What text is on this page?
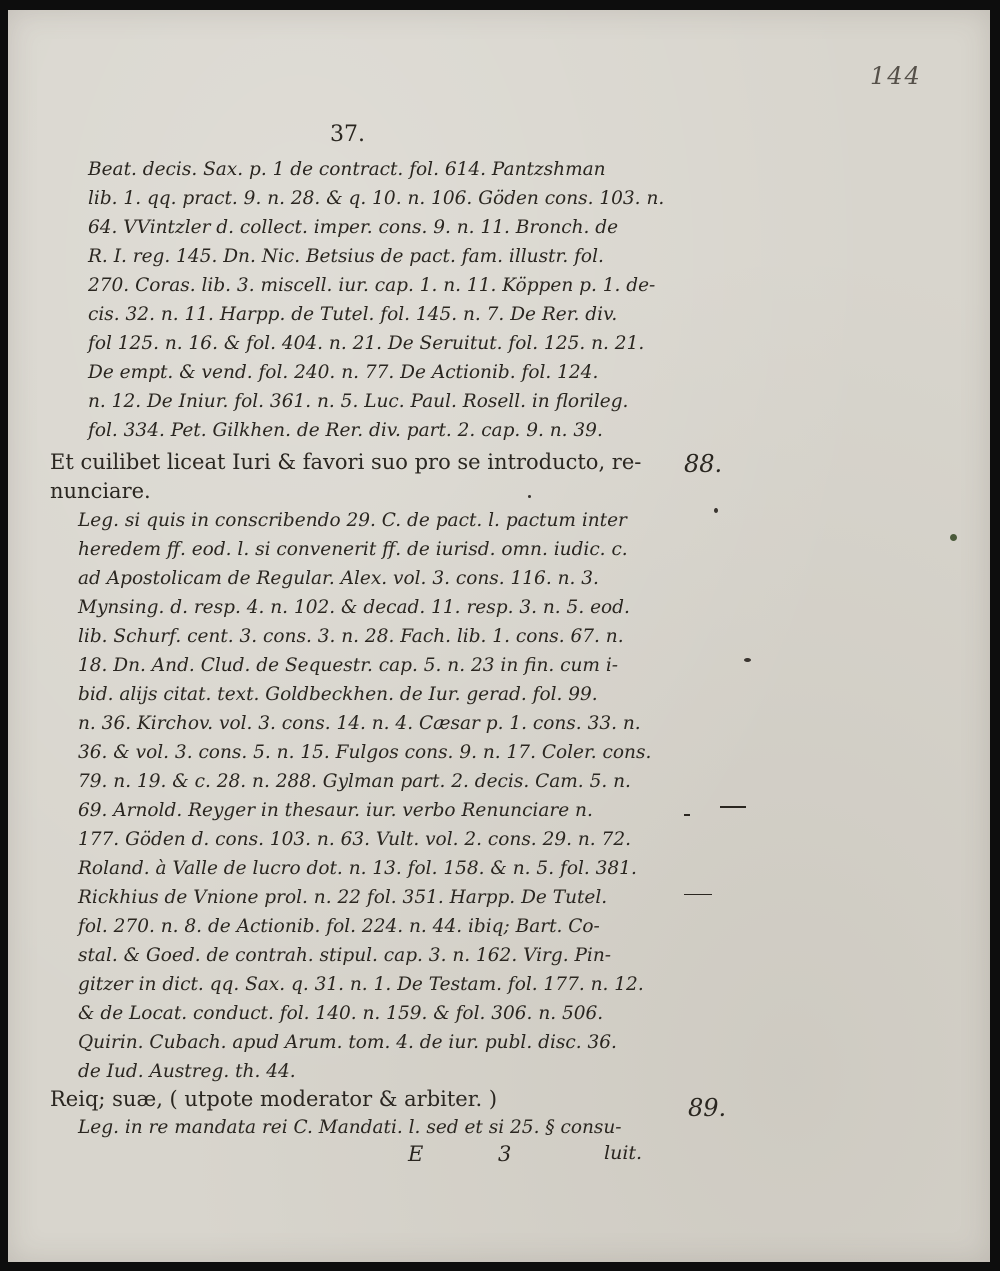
144
37.
Beat. decis. Sax. p. 1 de contract. fol. 614. Pantzshman
lib. 1. qq. pract. 9. n. 28. & q. 10. n. 106. Göden cons. 103. n.
64. VVintzler d. collect. imper. cons. 9. n. 11. Bronch. de
R. I. reg. 145. Dn. Nic. Betsius de pact. fam. illustr. fol.
270. Coras. lib. 3. miscell. iur. cap. 1. n. 11. Köppen p. 1. de-
cis. 32. n. 11. Harpp. de Tutel. fol. 145. n. 7. De Rer. div.
fol 125. n. 16. & fol. 404. n. 21. De Seruitut. fol. 125. n. 21.
De empt. & vend. fol. 240. n. 77. De Actionib. fol. 124.
n. 12. De Iniur. fol. 361. n. 5. Luc. Paul. Rosell. in florileg.
fol. 334. Pet. Gilkhen. de Rer. div. part. 2. cap. 9. n. 39.
Et cuilibet liceat Iuri & favori suo pro se introducto, re-
nunciare.
88.
Leg. si quis in conscribendo 29. C. de pact. l. pactum inter
heredem ff. eod. l. si convenerit ff. de iurisd. omn. iudic. c.
ad Apostolicam de Regular. Alex. vol. 3. cons. 116. n. 3.
Mynsing. d. resp. 4. n. 102. & decad. 11. resp. 3. n. 5. eod.
lib. Schurf. cent. 3. cons. 3. n. 28. Fach. lib. 1. cons. 67. n.
18. Dn. And. Clud. de Sequestr. cap. 5. n. 23 in fin. cum i-
bid. alijs citat. text. Goldbeckhen. de Iur. gerad. fol. 99.
n. 36. Kirchov. vol. 3. cons. 14. n. 4. Cæsar p. 1. cons. 33. n.
36. & vol. 3. cons. 5. n. 15. Fulgos cons. 9. n. 17. Coler. cons.
79. n. 19. & c. 28. n. 288. Gylman part. 2. decis. Cam. 5. n.
69. Arnold. Reyger in thesaur. iur. verbo Renunciare n.
177. Göden d. cons. 103. n. 63. Vult. vol. 2. cons. 29. n. 72.
Roland. à Valle de lucro dot. n. 13. fol. 158. & n. 5. fol. 381.
Rickhius de Vnione prol. n. 22 fol. 351. Harpp. De Tutel.
fol. 270. n. 8. de Actionib. fol. 224. n. 44. ibiq; Bart. Co-
stal. & Goed. de contrah. stipul. cap. 3. n. 162. Virg. Pin-
gitzer in dict. qq. Sax. q. 31. n. 1. De Testam. fol. 177. n. 12.
& de Locat. conduct. fol. 140. n. 159. & fol. 306. n. 506.
Quirin. Cubach. apud Arum. tom. 4. de iur. publ. disc. 36.
de Iud. Austreg. th. 44.
Reiq; suæ, ( utpote moderator & arbiter. )	89.
Leg. in re mandata rei C. Mandati. l. sed et si 25. § consu-
E 3	luit.
